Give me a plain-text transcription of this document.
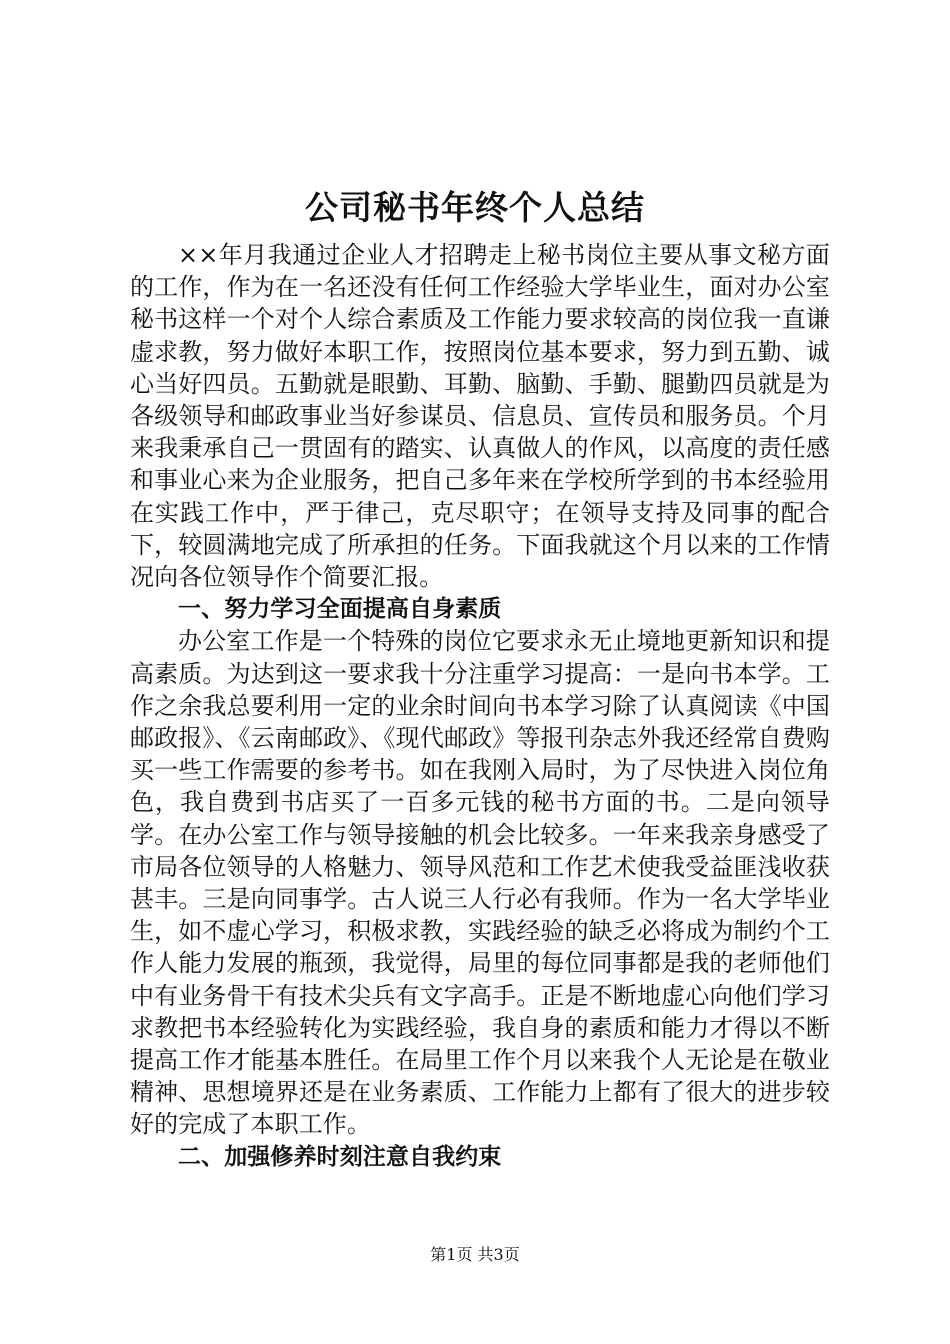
公司秘书年终个人总结

××年月我通过企业人才招聘走上秘书岗位主要从事文秘方面的工作，作为在一名还没有任何工作经验大学毕业生，面对办公室秘书这样一个对个人综合素质及工作能力要求较高的岗位我一直谦虚求教，努力做好本职工作，按照岗位基本要求，努力到五勤、诚心当好四员。五勤就是眼勤、耳勤、脑勤、手勤、腿勤四员就是为各级领导和邮政事业当好参谋员、信息员、宣传员和服务员。个月来我秉承自己一贯固有的踏实、认真做人的作风，以高度的责任感和事业心来为企业服务，把自己多年来在学校所学到的书本经验用在实践工作中，严于律己，克尽职守；在领导支持及同事的配合下，较圆满地完成了所承担的任务。下面我就这个月以来的工作情况向各位领导作个简要汇报。

一、努力学习全面提高自身素质

办公室工作是一个特殊的岗位它要求永无止境地更新知识和提高素质。为达到这一要求我十分注重学习提高：一是向书本学。工作之余我总要利用一定的业余时间向书本学习除了认真阅读《中国邮政报》、《云南邮政》、《现代邮政》等报刊杂志外我还经常自费购买一些工作需要的参考书。如在我刚入局时，为了尽快进入岗位角色，我自费到书店买了一百多元钱的秘书方面的书。二是向领导学。在办公室工作与领导接触的机会比较多。一年来我亲身感受了市局各位领导的人格魅力、领导风范和工作艺术使我受益匪浅收获甚丰。三是向同事学。古人说三人行必有我师。作为一名大学毕业生，如不虚心学习，积极求教，实践经验的缺乏必将成为制约个工作人能力发展的瓶颈，我觉得，局里的每位同事都是我的老师他们中有业务骨干有技术尖兵有文字高手。正是不断地虚心向他们学习求教把书本经验转化为实践经验，我自身的素质和能力才得以不断提高工作才能基本胜任。在局里工作个月以来我个人无论是在敬业精神、思想境界还是在业务素质、工作能力上都有了很大的进步较好的完成了本职工作。

二、加强修养时刻注意自我约束

第1页 共3页
